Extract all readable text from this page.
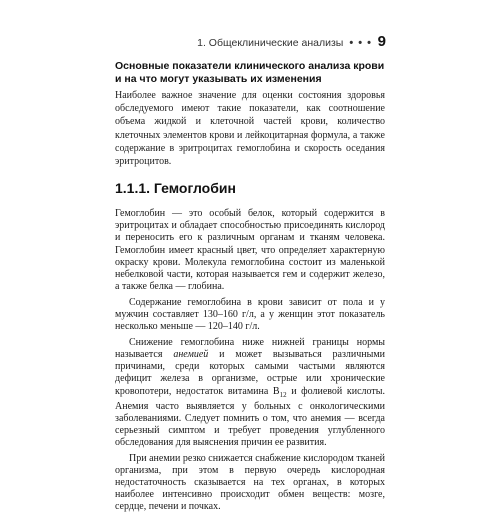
1. Общеклинические анализы • • • 9
Основные показатели клинического анализа крови и на что могут указывать их изменения

Наиболее важное значение для оценки состояния здоровья обследуемого имеют такие показатели, как соотношение объема жидкой и клеточной частей крови, количество клеточных элементов крови и лейкоцитарная формула, а также содержание в эритроцитах гемоглобина и скорость оседания эритроцитов.

1.1.1. Гемоглобин

Гемоглобин — это особый белок, который содержится в эритроцитах и обладает способностью присоединять кислород и переносить его к различным органам и тканям человека. Гемоглобин имеет красный цвет, что определяет характерную окраску крови. Молекула гемоглобина состоит из маленькой небелковой части, которая называется гем и содержит железо, а также белка — глобина.

Содержание гемоглобина в крови зависит от пола и у мужчин составляет 130–160 г/л, а у женщин этот показатель несколько меньше — 120–140 г/л.

Снижение гемоглобина ниже нижней границы нормы называется анемией и может вызываться различными причинами, среди которых самыми частыми являются дефицит железа в организме, острые или хронические кровопотери, недостаток витамина $B_{12}$ и фолиевой кислоты. Анемия часто выявляется у больных с онкологическими заболеваниями. Следует помнить о том, что анемия — всегда серьезный симптом и требует проведения углубленного обследования для выяснения причин ее развития.

При анемии резко снижается снабжение кислородом тканей организма, при этом в первую очередь кислородная недостаточность сказывается на тех органах, в которых наиболее интенсивно происходит обмен веществ: мозге, сердце, печени и почках.
